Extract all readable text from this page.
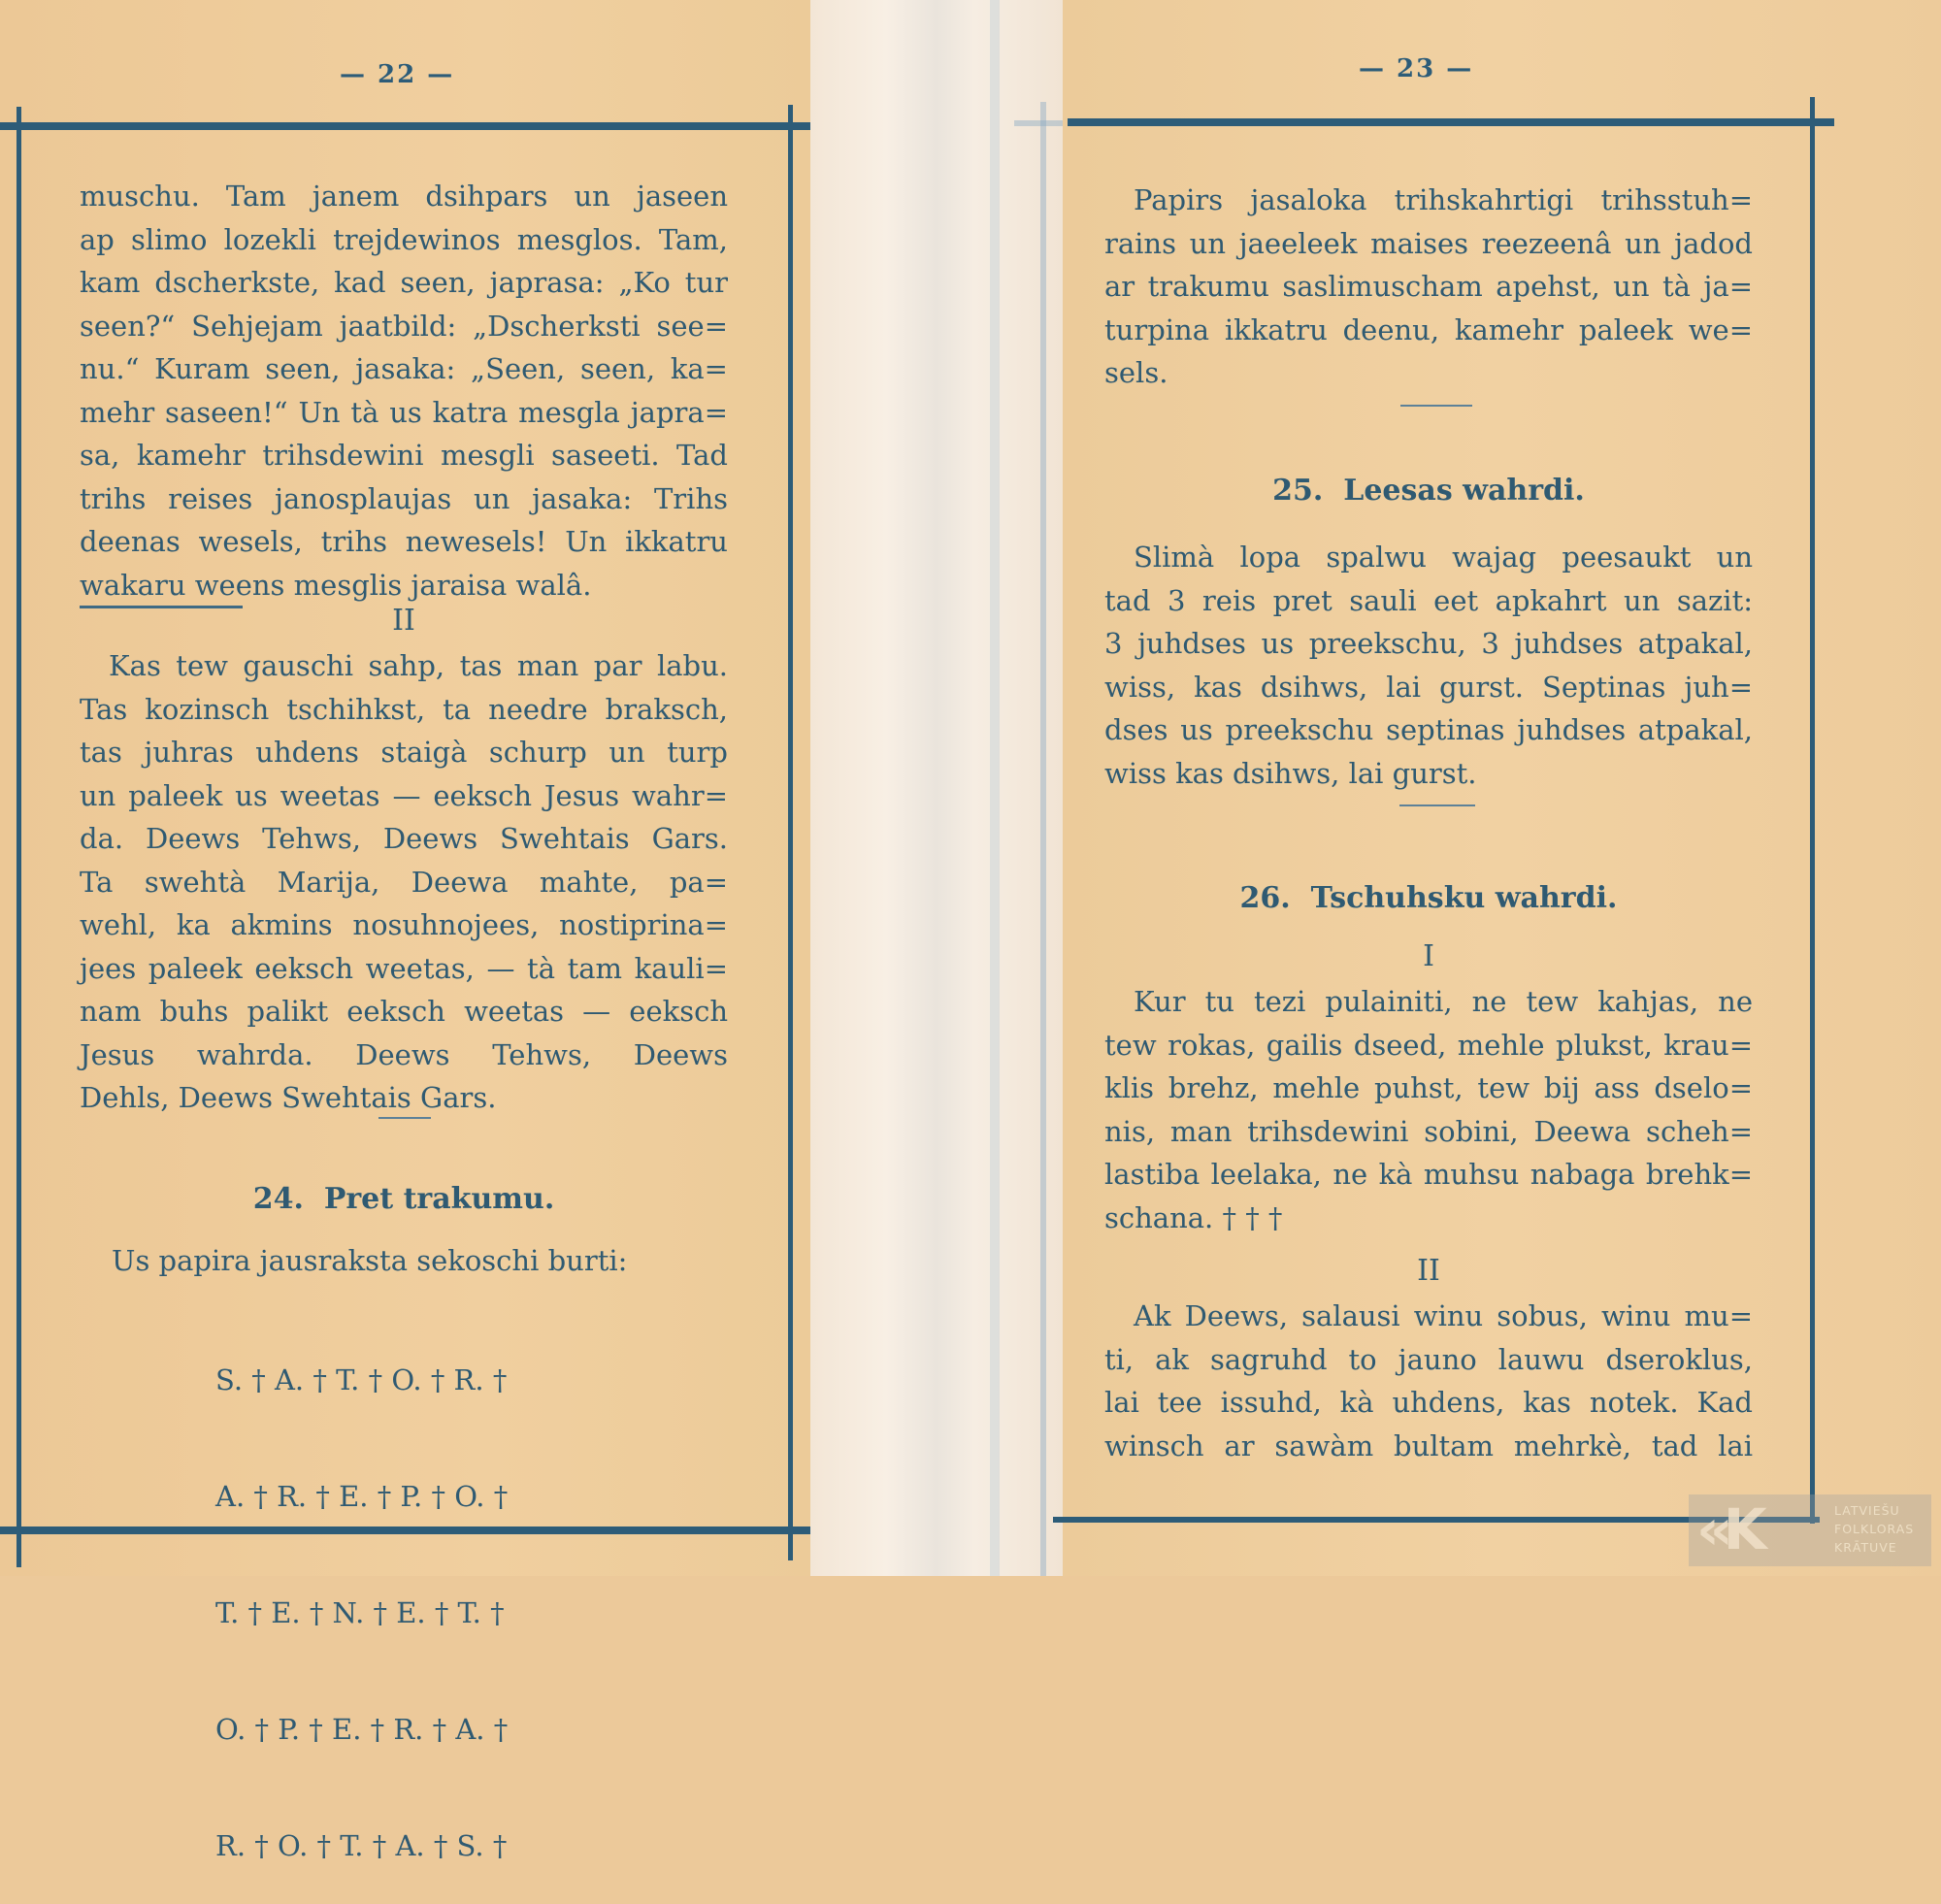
— 22 —	— 23 —
muschu. Tam janem dsihpars un jaseen
ap slimo lozekli trejdewinos mesglos. Tam,
kam dscherkste, kad seen, japrasa: „Ko tur
seen?“ Sehjejam jaatbild: „Dscherksti see=
nu.“ Kuram seen, jasaka: „Seen, seen, ka=
mehr saseen!“ Un tà us katra mesgla japra=
sa, kamehr trihsdewini mesgli saseeti. Tad
trihs reises janosplaujas un jasaka: Trihs
deenas wesels, trihs newesels! Un ikkatru
wakaru weens mesglis jaraisa walâ.
II
Kas tew gauschi sahp, tas man par labu.
Tas kozinsch tschihkst, ta needre braksch,
tas juhras uhdens staigà schurp un turp
un paleek us weetas — eeksch Jesus wahr=
da. Deews Tehws, Deews Swehtais Gars.
Ta swehtà Marija, Deewa mahte, pa=
wehl, ka akmins nosuhnojees, nostiprina=
jees paleek eeksch weetas, — tà tam kauli=
nam buhs palikt eeksch weetas — eeksch
Jesus wahrda. Deews Tehws, Deews
Dehls, Deews Swehtais Gars.
24. Pret trakumu.
Us papira jausraksta sekoschi burti:

S. † A. † T. † O. † R. †

A. † R. † E. † P. † O. †

T. † E. † N. † E. † T. †

O. † P. † E. † R. † A. †

R. † O. † T. † A. † S. †

Papirs jasaloka trihskahrtigi trihsstuh=
rains un jaeeleek maises reezeenâ un jadod
ar trakumu saslimuscham apehst, un tà ja=
turpina ikkatru deenu, kamehr paleek we=
sels.
25. Leesas wahrdi.
Slimà lopa spalwu wajag peesaukt un
tad 3 reis pret sauli eet apkahrt un sazit:
3 juhdses us preekschu, 3 juhdses atpakal,
wiss, kas dsihws, lai gurst. Septinas juh=
dses us preekschu septinas juhdses atpakal,
wiss kas dsihws, lai gurst.
26. Tschuhsku wahrdi.
I
Kur tu tezi pulainiti, ne tew kahjas, ne
tew rokas, gailis dseed, mehle plukst, krau=
klis brehz, mehle puhst, tew bij ass dselo=
nis, man trihsdewini sobini, Deewa scheh=
lastiba leelaka, ne kà muhsu nabaga brehk=
schana. † † †
II
Ak Deews, salausi winu sobus, winu mu=
ti, ak sagruhd to jauno lauwu dseroklus,
lai tee issuhd, kà uhdens, kas notek. Kad
winsch ar sawàm bultam mehrkè, tad lai
‹‹K	LATVIEŠU
FOLKLORAS
KRĀTUVE
